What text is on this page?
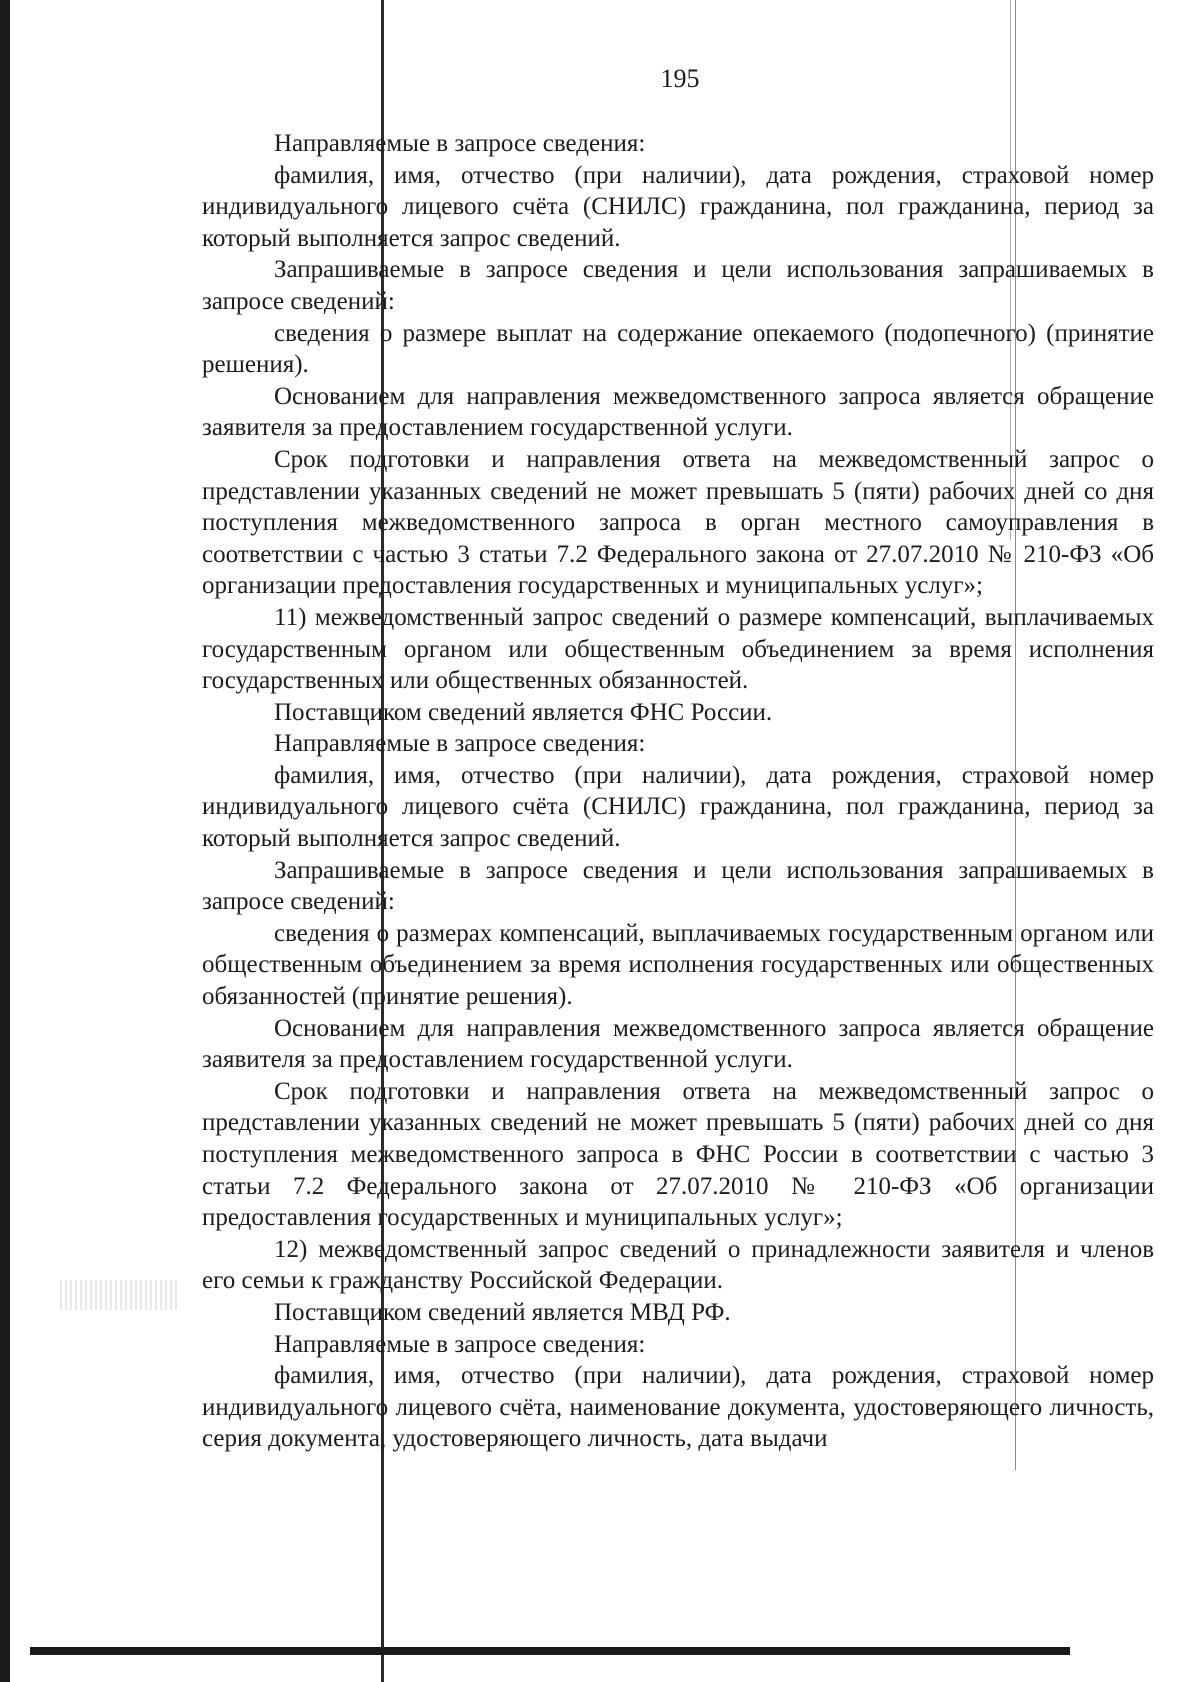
195

Направляемые в запросе сведения:

фамилия, имя, отчество (при наличии), дата рождения, страховой номер индивидуального лицевого счёта (СНИЛС) гражданина, пол гражданина, период за который выполняется запрос сведений.

Запрашиваемые в запросе сведения и цели использования запрашиваемых в запросе сведений:

сведения о размере выплат на содержание опекаемого (подопечного) (принятие решения).

Основанием для направления межведомственного запроса является обращение заявителя за предоставлением государственной услуги.

Срок подготовки и направления ответа на межведомственный запрос о представлении указанных сведений не может превышать 5 (пяти) рабочих дней со дня поступления межведомственного запроса в орган местного самоуправления в соответствии с частью 3 статьи 7.2 Федерального закона от 27.07.2010 № 210-ФЗ «Об организации предоставления государственных и муниципальных услуг»;

11) межведомственный запрос сведений о размере компенсаций, выплачиваемых государственным органом или общественным объединением за время исполнения государственных или общественных обязанностей.

Поставщиком сведений является ФНС России.

Направляемые в запросе сведения:

фамилия, имя, отчество (при наличии), дата рождения, страховой номер индивидуального лицевого счёта (СНИЛС) гражданина, пол гражданина, период за который выполняется запрос сведений.

Запрашиваемые в запросе сведения и цели использования запрашиваемых в запросе сведений:

сведения о размерах компенсаций, выплачиваемых государственным органом или общественным объединением за время исполнения государственных или общественных обязанностей (принятие решения).

Основанием для направления межведомственного запроса является обращение заявителя за предоставлением государственной услуги.

Срок подготовки и направления ответа на межведомственный запрос о представлении указанных сведений не может превышать 5 (пяти) рабочих дней со дня поступления межведомственного запроса в ФНС России в соответствии с частью 3 статьи 7.2 Федерального закона от 27.07.2010 № 210-ФЗ «Об организации предоставления государственных и муниципальных услуг»;

12) межведомственный запрос сведений о принадлежности заявителя и членов его семьи к гражданству Российской Федерации.

Поставщиком сведений является МВД РФ.

Направляемые в запросе сведения:

фамилия, имя, отчество (при наличии), дата рождения, страховой номер индивидуального лицевого счёта, наименование документа, удостоверяющего личность, серия документа, удостоверяющего личность, дата выдачи
